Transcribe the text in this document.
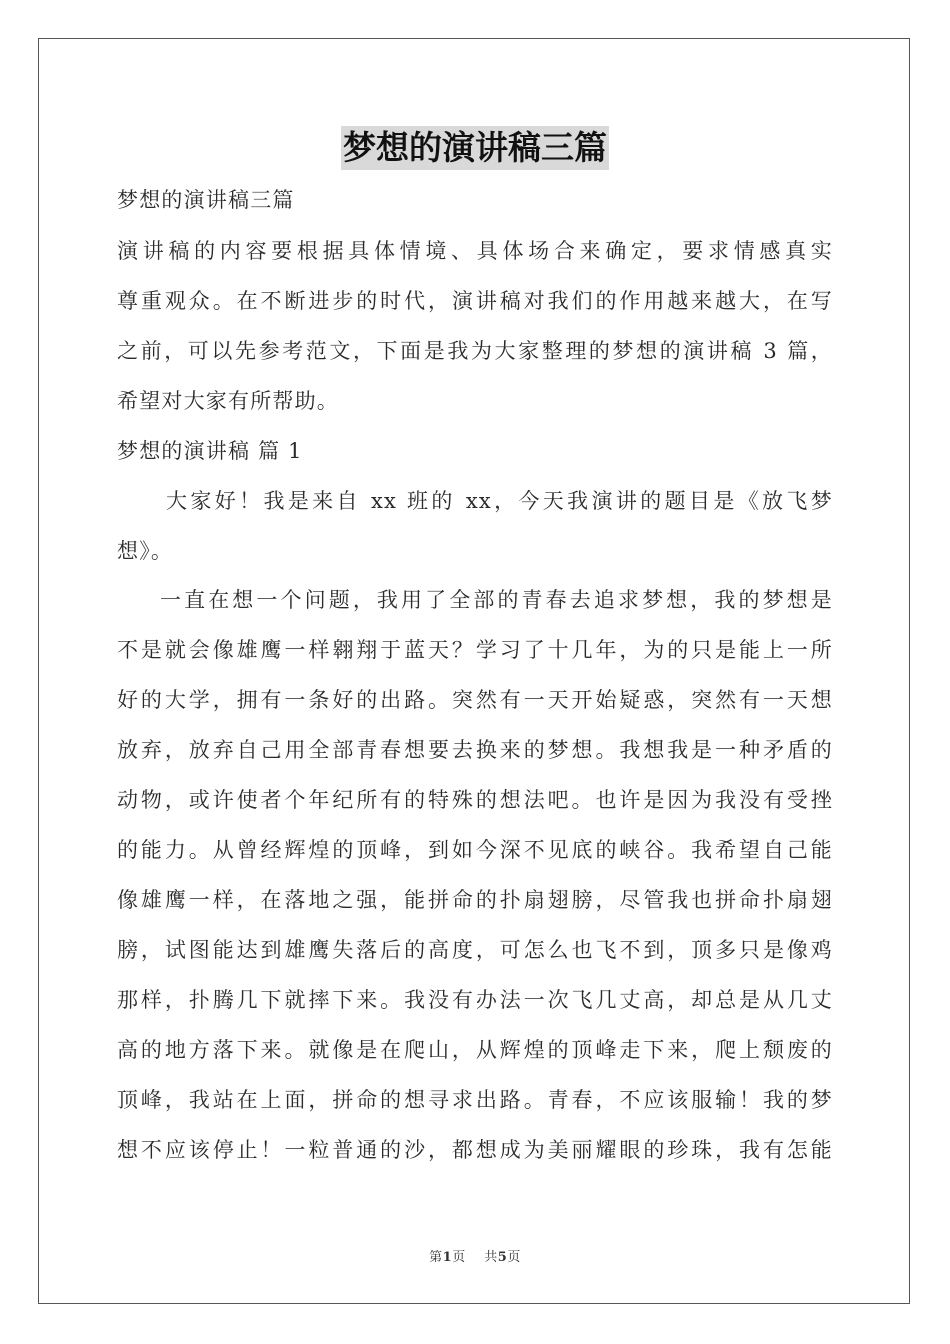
梦想的演讲稿三篇
梦想的演讲稿三篇
演讲稿的内容要根据具体情境、具体场合来确定，要求情感真实
尊重观众。在不断进步的时代，演讲稿对我们的作用越来越大，在写
之前，可以先参考范文，下面是我为大家整理的梦想的演讲稿 3 篇，
希望对大家有所帮助。
梦想的演讲稿 篇 1
大家好！我是来自 xx 班的 xx，今天我演讲的题目是《放飞梦
想》。
一直在想一个问题，我用了全部的青春去追求梦想，我的梦想是
不是就会像雄鹰一样翱翔于蓝天？学习了十几年，为的只是能上一所
好的大学，拥有一条好的出路。突然有一天开始疑惑，突然有一天想
放弃，放弃自己用全部青春想要去换来的梦想。我想我是一种矛盾的
动物，或许使者个年纪所有的特殊的想法吧。也许是因为我没有受挫
的能力。从曾经辉煌的顶峰，到如今深不见底的峡谷。我希望自己能
像雄鹰一样，在落地之强，能拼命的扑扇翅膀，尽管我也拼命扑扇翅
膀，试图能达到雄鹰失落后的高度，可怎么也飞不到，顶多只是像鸡
那样，扑腾几下就摔下来。我没有办法一次飞几丈高，却总是从几丈
高的地方落下来。就像是在爬山，从辉煌的顶峰走下来，爬上颓废的
顶峰，我站在上面，拼命的想寻求出路。青春，不应该服输！我的梦
想不应该停止！一粒普通的沙，都想成为美丽耀眼的珍珠，我有怎能
第1页 共5页
